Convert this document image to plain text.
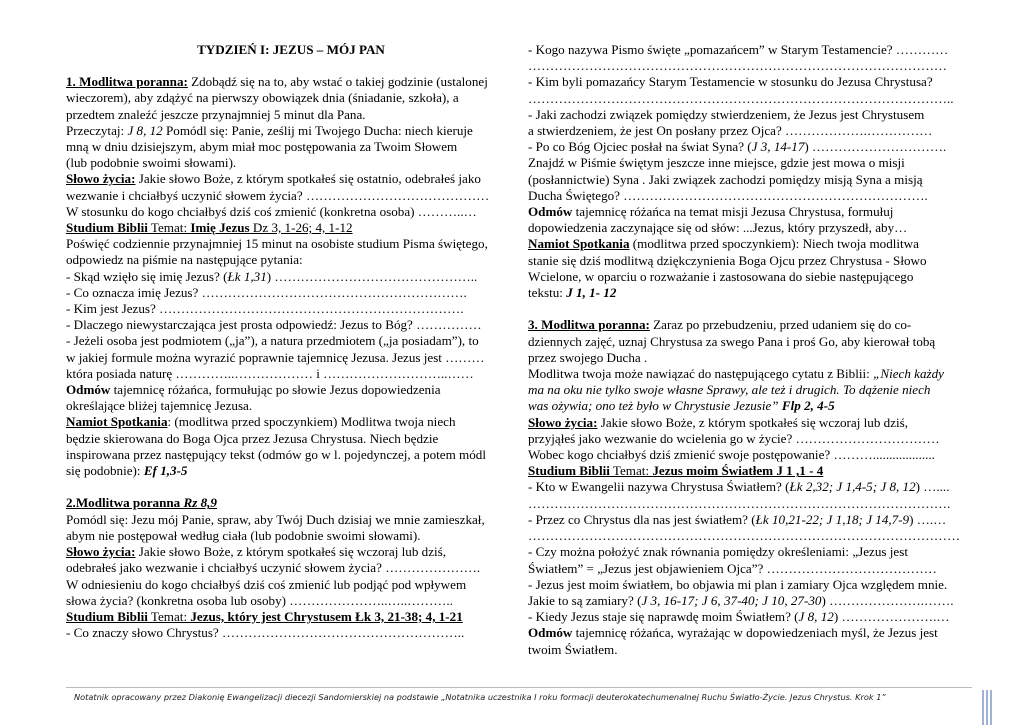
TYDZIEŃ I: JEZUS – MÓJ PAN
1. Modlitwa poranna: Zdobądź się na to, aby wstać o takiej godzinie (ustalonej
wieczorem), aby zdążyć na pierwszy obowiązek dnia (śniadanie, szkoła), a
przedtem znaleźć jeszcze przynajmniej 5 minut dla Pana.
Przeczytaj: J 8, 12 Pomódl się: Panie, ześlij mi Twojego Ducha: niech kieruje
mną w dniu dzisiejszym, abym miał moc postępowania za Twoim Słowem
(lub podobnie swoimi słowami).
Słowo życia: Jakie słowo Boże, z którym spotkałeś się ostatnio, odebrałeś jako
wezwanie i chciałbyś uczynić słowem życia? ……………………………………
W stosunku do kogo chciałbyś dziś coś zmienić (konkretna osoba) ………..…
Studium Biblii Temat: Imię Jezus Dz 3, 1-26; 4, 1-12
Poświęć codziennie przynajmniej 15 minut na osobiste studium Pisma świętego,
odpowiedz na piśmie na następujące pytania:
- Skąd wzięło się imię Jezus? (Łk 1,31) ………………………………………..
- Co oznacza imię Jezus? …………………………………………………….
- Kim jest Jezus? …………………………………………………………….
- Dlaczego niewystarczająca jest prosta odpowiedź: Jezus to Bóg? ……………
- Jeżeli osoba jest podmiotem („ja”), a natura przedmiotem („ja posiadam”), to
w jakiej formule można wyrazić poprawnie tajemnicę Jezusa. Jezus jest ………
która posiada naturę …………..……………… i ………………………..……
Odmów tajemnicę różańca, formułując po słowie Jezus dopowiedzenia
określające bliżej tajemnicę Jezusa.
Namiot Spotkania: (modlitwa przed spoczynkiem) Modlitwa twoja niech
będzie skierowana do Boga Ojca przez Jezusa Chrystusa. Niech będzie
inspirowana przez następujący tekst (odmów go w l. pojedynczej, a potem módl
się podobnie): Ef 1,3-5

2.Modlitwa poranna Rz 8,9
Pomódl się: Jezu mój Panie, spraw, aby Twój Duch dzisiaj we mnie zamieszkał,
abym nie postępował według ciała (lub podobnie swoimi słowami).
Słowo życia: Jakie słowo Boże, z którym spotkałeś się wczoraj lub dziś,
odebrałeś jako wezwanie i chciałbyś uczynić słowem życia? ………………….
W odniesieniu do kogo chciałbyś dziś coś zmienić lub podjąć pod wpływem
słowa życia? (konkretna osoba lub osoby) …………………..…..………..
Studium Biblii Temat: Jezus, który jest Chrystusem Łk 3, 21-38; 4, 1-21
- Co znaczy słowo Chrystus? ………………………………………………..
- Kogo nazywa Pismo święte „pomazańcem” w Starym Testamencie? …………
……………………………………………………………………………………
- Kim byli pomazańcy Starym Testamencie w stosunku do Jezusa Chrystusa?
……………………………………………………………………………………..
- Jaki zachodzi związek pomiędzy stwierdzeniem, że Jezus jest Chrystusem
a stwierdzeniem, że jest On posłany przez Ojca? ……………….……………
- Po co Bóg Ojciec posłał na świat Syna? (J 3, 14-17) ………………………….
Znajdź w Piśmie świętym jeszcze inne miejsce, gdzie jest mowa o misji
(posłannictwie) Syna . Jaki związek zachodzi pomiędzy misją Syna a misją
Ducha Świętego? …………………………………………………………….
Odmów tajemnicę różańca na temat misji Jezusa Chrystusa, formułuj
dopowiedzenia zaczynające się od słów: ...Jezus, który przyszedł, aby…
Namiot Spotkania (modlitwa przed spoczynkiem): Niech twoja modlitwa
stanie się dziś modlitwą dziękczynienia Boga Ojcu przez Chrystusa - Słowo
Wcielone, w oparciu o rozważanie i zastosowana do siebie następującego
tekstu: J 1, 1- 12

3. Modlitwa poranna: Zaraz po przebudzeniu, przed udaniem się do co-
dziennych zajęć, uznaj Chrystusa za swego Pana i proś Go, aby kierował tobą
przez swojego Ducha .
Modlitwa twoja może nawiązać do następującego cytatu z Biblii: „Niech każdy
ma na oku nie tylko swoje własne Sprawy, ale też i drugich. To dążenie niech
was ożywia; ono też było w Chrystusie Jezusie” Flp 2, 4-5
Słowo życia: Jakie słowo Boże, z którym spotkałeś się wczoraj lub dziś,
przyjąłeś jako wezwanie do wcielenia go w życie? ……………………………
Wobec kogo chciałbyś dziś zmienić swoje postępowanie? ………...................
Studium Biblii Temat: Jezus moim Światłem J 1 ,1 - 4
- Kto w Ewangelii nazywa Chrystusa Światłem? (Łk 2,32; J 1,4-5; J 8, 12) …....
…………………………………………………………………………………….
- Przez co Chrystus dla nas jest światłem? (Łk 10,21-22; J 1,18; J 14,7-9) ….…
………………………………………………………………………………………
- Czy można położyć znak równania pomiędzy określeniami: „Jezus jest
Światłem” = „Jezus jest objawieniem Ojca”? …………………………………
- Jezus jest moim światłem, bo objawia mi plan i zamiary Ojca względem mnie.
Jakie to są zamiary? (J 3, 16-17; J 6, 37-40; J 10, 27-30) ………………….…….
- Kiedy Jezus staje się naprawdę moim Światłem? (J 8, 12) ………………….…
Odmów tajemnicę różańca, wyrażając w dopowiedzeniach myśl, że Jezus jest
twoim Światłem.
Notatnik opracowany przez Diakonię Ewangelizacji diecezji Sandomierskiej na podstawie „Notatnika uczestnika I roku formacji deuterokatechumenalnej Ruchu Światło-Życie. Jezus Chrystus. Krok 1”
